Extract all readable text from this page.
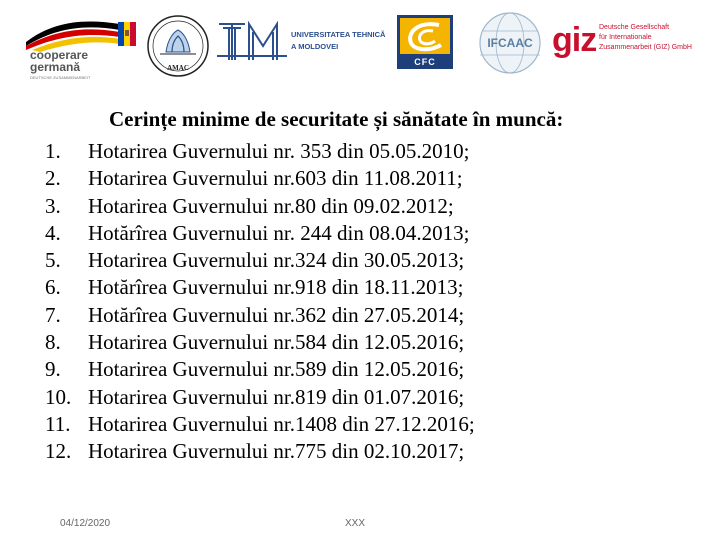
cooperare
germană
DEUTSCHE ZUSAMMENARBEIT
AMAC
UNIVERSITATEA TEHNICĂ
A MOLDOVEI
CFC
IFCAAC giz Deutsche Gesellschaft
für Internationale
Zusammenarbeit (GIZ) GmbH
Cerințe minime de securitate și sănătate în muncă:
1. Hotarirea Guvernului nr. 353 din 05.05.2010;
2. Hotarirea Guvernului nr.603 din 11.08.2011;
3. Hotarirea Guvernului nr.80 din 09.02.2012;
4. Hotărîrea Guvernului nr. 244 din 08.04.2013;
5. Hotarirea Guvernului nr.324 din 30.05.2013;
6. Hotărîrea Guvernului nr.918 din 18.11.2013;
7. Hotărîrea Guvernului nr.362 din 27.05.2014;
8. Hotarirea Guvernului nr.584 din 12.05.2016;
9. Hotarirea Guvernului nr.589 din 12.05.2016;
10. Hotarirea Guvernului nr.819 din 01.07.2016;
11. Hotarirea Guvernului nr.1408 din 27.12.2016;
12. Hotarirea Guvernului nr.775 din 02.10.2017;
04/12/2020	XXX
